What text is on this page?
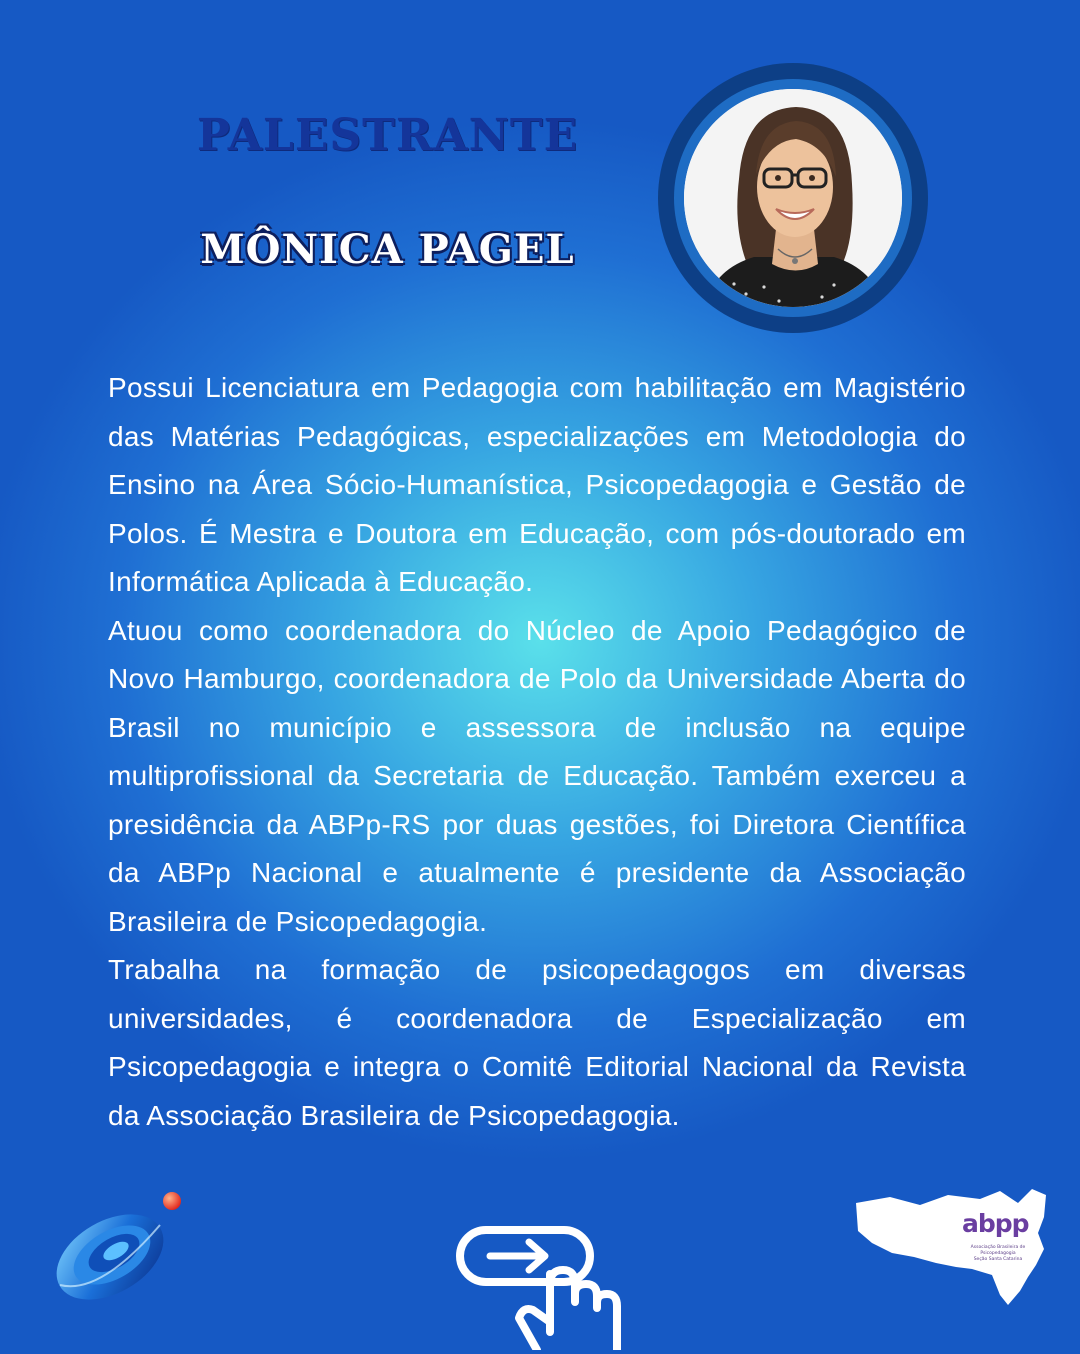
PALESTRANTE
MÔNICA PAGEL

Possui Licenciatura em Pedagogia com habilitação em Magistério das Matérias Pedagógicas, especializações em Metodologia do Ensino na Área Sócio-Humanística, Psicopedagogia e Gestão de Polos. É Mestra e Doutora em Educação, com pós-doutorado em Informática Aplicada à Educação.

Atuou como coordenadora do Núcleo de Apoio Pedagógico de Novo Hamburgo, coordenadora de Polo da Universidade Aberta do Brasil no município e assessora de inclusão na equipe multiprofissional da Secretaria de Educação. Também exerceu a presidência da ABPp-RS por duas gestões, foi Diretora Científica da ABPp Nacional e atualmente é presidente da Associação Brasileira de Psicopedagogia.

Trabalha na formação de psicopedagogos em diversas universidades, é coordenadora de Especialização em Psicopedagogia e integra o Comitê Editorial Nacional da Revista da Associação Brasileira de Psicopedagogia.

abpp
Associação Brasileira de Psicopedagogia
Seção Santa Catarina
